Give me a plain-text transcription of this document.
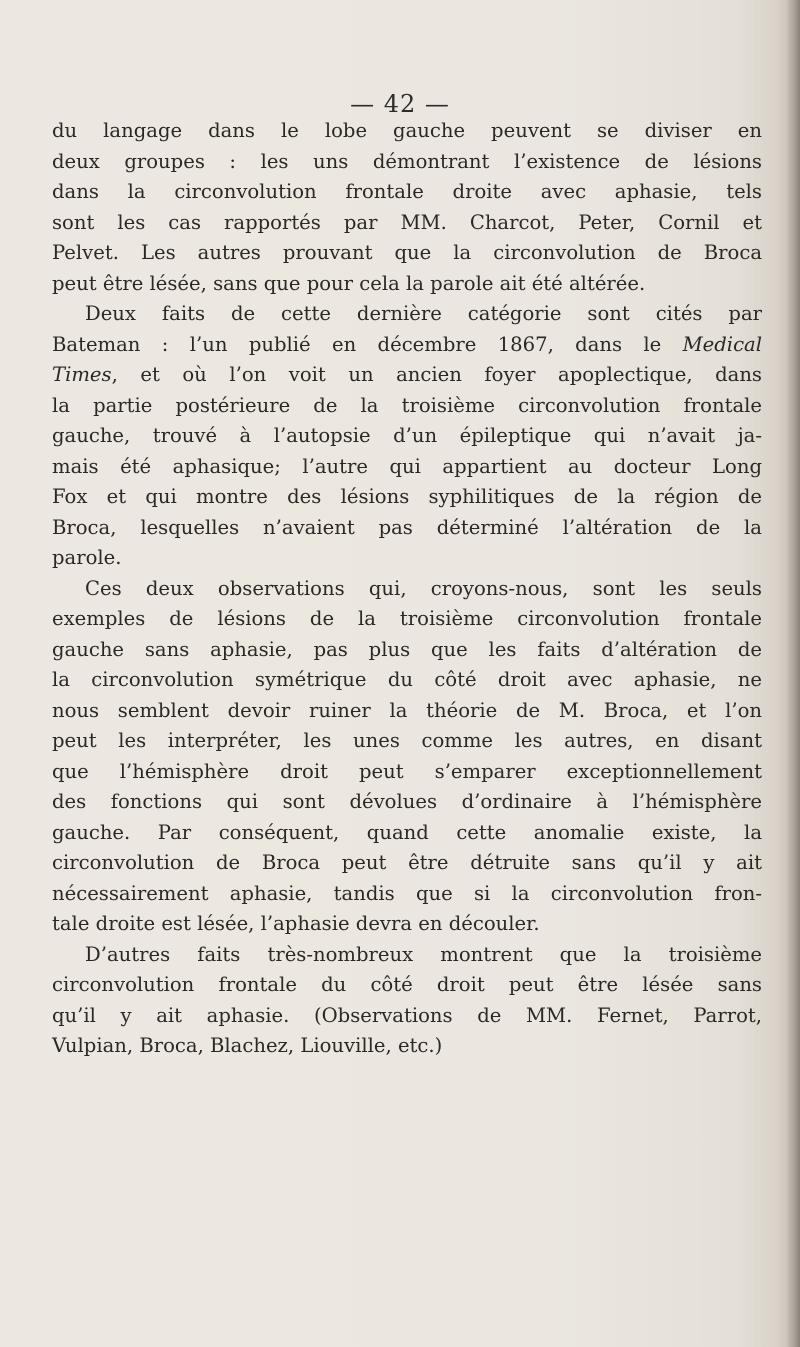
— 42 —
du langage dans le lobe gauche peuvent se diviser en
deux groupes : les uns démontrant l’existence de lésions
dans la circonvolution frontale droite avec aphasie, tels
sont les cas rapportés par MM. Charcot, Peter, Cornil et
Pelvet. Les autres prouvant que la circonvolution de Broca
peut être lésée, sans que pour cela la parole ait été altérée.
Deux faits de cette dernière catégorie sont cités par
Bateman : l’un publié en décembre 1867, dans le Medical
Times, et où l’on voit un ancien foyer apoplectique, dans
la partie postérieure de la troisième circonvolution frontale
gauche, trouvé à l’autopsie d’un épileptique qui n’avait ja-
mais été aphasique; l’autre qui appartient au docteur Long
Fox et qui montre des lésions syphilitiques de la région de
Broca, lesquelles n’avaient pas déterminé l’altération de la
parole.
Ces deux observations qui, croyons-nous, sont les seuls
exemples de lésions de la troisième circonvolution frontale
gauche sans aphasie, pas plus que les faits d’altération de
la circonvolution symétrique du côté droit avec aphasie, ne
nous semblent devoir ruiner la théorie de M. Broca, et l’on
peut les interpréter, les unes comme les autres, en disant
que l’hémisphère droit peut s’emparer exceptionnellement
des fonctions qui sont dévolues d’ordinaire à l’hémisphère
gauche. Par conséquent, quand cette anomalie existe, la
circonvolution de Broca peut être détruite sans qu’il y ait
nécessairement aphasie, tandis que si la circonvolution fron-
tale droite est lésée, l’aphasie devra en découler.
D’autres faits très-nombreux montrent que la troisième
circonvolution frontale du côté droit peut être lésée sans
qu’il y ait aphasie. (Observations de MM. Fernet, Parrot,
Vulpian, Broca, Blachez, Liouville, etc.)
